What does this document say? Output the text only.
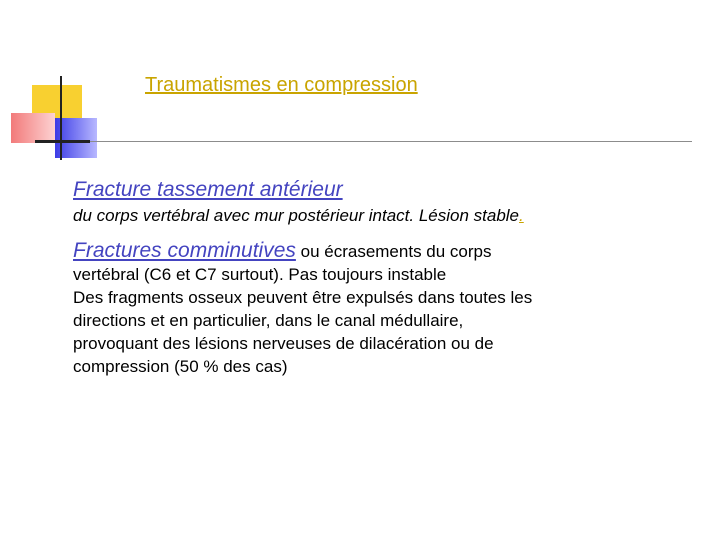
Traumatismes en compression
Fracture tassement antérieur
du corps vertébral avec mur postérieur intact. Lésion stable.
Fractures comminutives ou écrasements du corps
vertébral (C6 et C7 surtout). Pas toujours instable
Des fragments osseux peuvent être expulsés dans toutes les
directions et en particulier, dans le canal médullaire,
provoquant des lésions nerveuses de dilacération ou de
compression (50 % des cas)
